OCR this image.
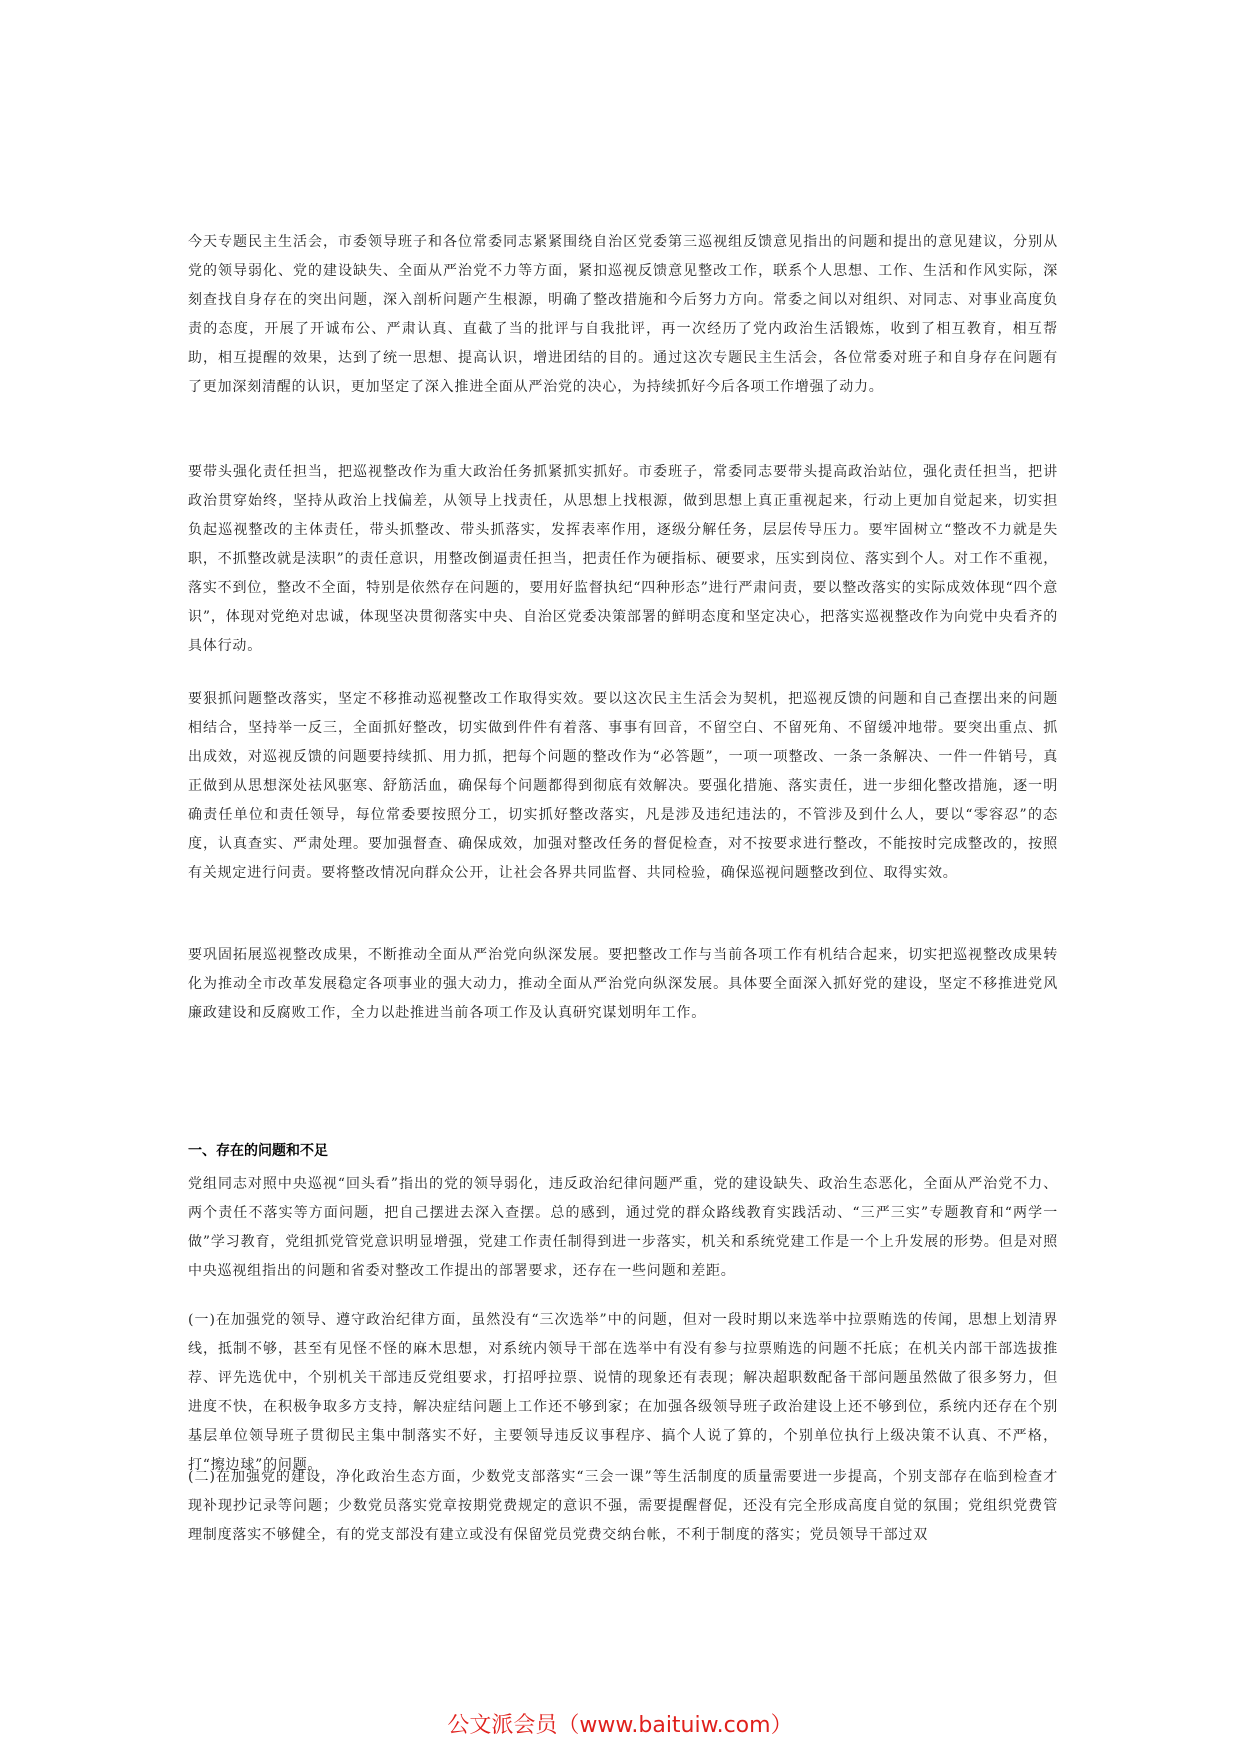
今天专题民主生活会，市委领导班子和各位常委同志紧紧围绕自治区党委第三巡视组反馈意见指出的问题和提出的意见建议，分别从党的领导弱化、党的建设缺失、全面从严治党不力等方面，紧扣巡视反馈意见整改工作，联系个人思想、工作、生活和作风实际，深刻查找自身存在的突出问题，深入剖析问题产生根源，明确了整改措施和今后努力方向。常委之间以对组织、对同志、对事业高度负责的态度，开展了开诚布公、严肃认真、直截了当的批评与自我批评，再一次经历了党内政治生活锻炼，收到了相互教育，相互帮助，相互提醒的效果，达到了统一思想、提高认识，增进团结的目的。通过这次专题民主生活会，各位常委对班子和自身存在问题有了更加深刻清醒的认识，更加坚定了深入推进全面从严治党的决心，为持续抓好今后各项工作增强了动力。

要带头强化责任担当，把巡视整改作为重大政治任务抓紧抓实抓好。市委班子，常委同志要带头提高政治站位，强化责任担当，把讲政治贯穿始终，坚持从政治上找偏差，从领导上找责任，从思想上找根源，做到思想上真正重视起来，行动上更加自觉起来，切实担负起巡视整改的主体责任，带头抓整改、带头抓落实，发挥表率作用，逐级分解任务，层层传导压力。要牢固树立“整改不力就是失职，不抓整改就是渎职”的责任意识，用整改倒逼责任担当，把责任作为硬指标、硬要求，压实到岗位、落实到个人。对工作不重视，落实不到位，整改不全面，特别是依然存在问题的，要用好监督执纪“四种形态”进行严肃问责，要以整改落实的实际成效体现“四个意识”，体现对党绝对忠诚，体现坚决贯彻落实中央、自治区党委决策部署的鲜明态度和坚定决心，把落实巡视整改作为向党中央看齐的具体行动。

要狠抓问题整改落实，坚定不移推动巡视整改工作取得实效。要以这次民主生活会为契机，把巡视反馈的问题和自己查摆出来的问题相结合，坚持举一反三，全面抓好整改，切实做到件件有着落、事事有回音，不留空白、不留死角、不留缓冲地带。要突出重点、抓出成效，对巡视反馈的问题要持续抓、用力抓，把每个问题的整改作为“必答题”，一项一项整改、一条一条解决、一件一件销号，真正做到从思想深处祛风驱寒、舒筋活血，确保每个问题都得到彻底有效解决。要强化措施、落实责任，进一步细化整改措施，逐一明确责任单位和责任领导，每位常委要按照分工，切实抓好整改落实，凡是涉及违纪违法的，不管涉及到什么人，要以“零容忍”的态度，认真查实、严肃处理。要加强督查、确保成效，加强对整改任务的督促检查，对不按要求进行整改，不能按时完成整改的，按照有关规定进行问责。要将整改情况向群众公开，让社会各界共同监督、共同检验，确保巡视问题整改到位、取得实效。

要巩固拓展巡视整改成果，不断推动全面从严治党向纵深发展。要把整改工作与当前各项工作有机结合起来，切实把巡视整改成果转化为推动全市改革发展稳定各项事业的强大动力，推动全面从严治党向纵深发展。具体要全面深入抓好党的建设，坚定不移推进党风廉政建设和反腐败工作，全力以赴推进当前各项工作及认真研究谋划明年工作。

一、存在的问题和不足

党组同志对照中央巡视“回头看”指出的党的领导弱化，违反政治纪律问题严重，党的建设缺失、政治生态恶化，全面从严治党不力、两个责任不落实等方面问题，把自己摆进去深入查摆。总的感到，通过党的群众路线教育实践活动、“三严三实”专题教育和“两学一做”学习教育，党组抓党管党意识明显增强，党建工作责任制得到进一步落实，机关和系统党建工作是一个上升发展的形势。但是对照中央巡视组指出的问题和省委对整改工作提出的部署要求，还存在一些问题和差距。

(一)在加强党的领导、遵守政治纪律方面，虽然没有“三次选举”中的问题，但对一段时期以来选举中拉票贿选的传闻，思想上划清界线，抵制不够，甚至有见怪不怪的麻木思想，对系统内领导干部在选举中有没有参与拉票贿选的问题不托底；在机关内部干部选拔推荐、评先选优中，个别机关干部违反党组要求，打招呼拉票、说情的现象还有表现；解决超职数配备干部问题虽然做了很多努力，但进度不快，在积极争取多方支持，解决症结问题上工作还不够到家；在加强各级领导班子政治建设上还不够到位，系统内还存在个别基层单位领导班子贯彻民主集中制落实不好，主要领导违反议事程序、搞个人说了算的，个别单位执行上级决策不认真、不严格，打“擦边球”的问题。

(二)在加强党的建设，净化政治生态方面，少数党支部落实“三会一课”等生活制度的质量需要进一步提高，个别支部存在临到检查才现补现抄记录等问题；少数党员落实党章按期党费规定的意识不强，需要提醒督促，还没有完全形成高度自觉的氛围；党组织党费管理制度落实不够健全，有的党支部没有建立或没有保留党员党费交纳台帐，不利于制度的落实；党员领导干部过双

公文派会员（www.baituiw.com）
